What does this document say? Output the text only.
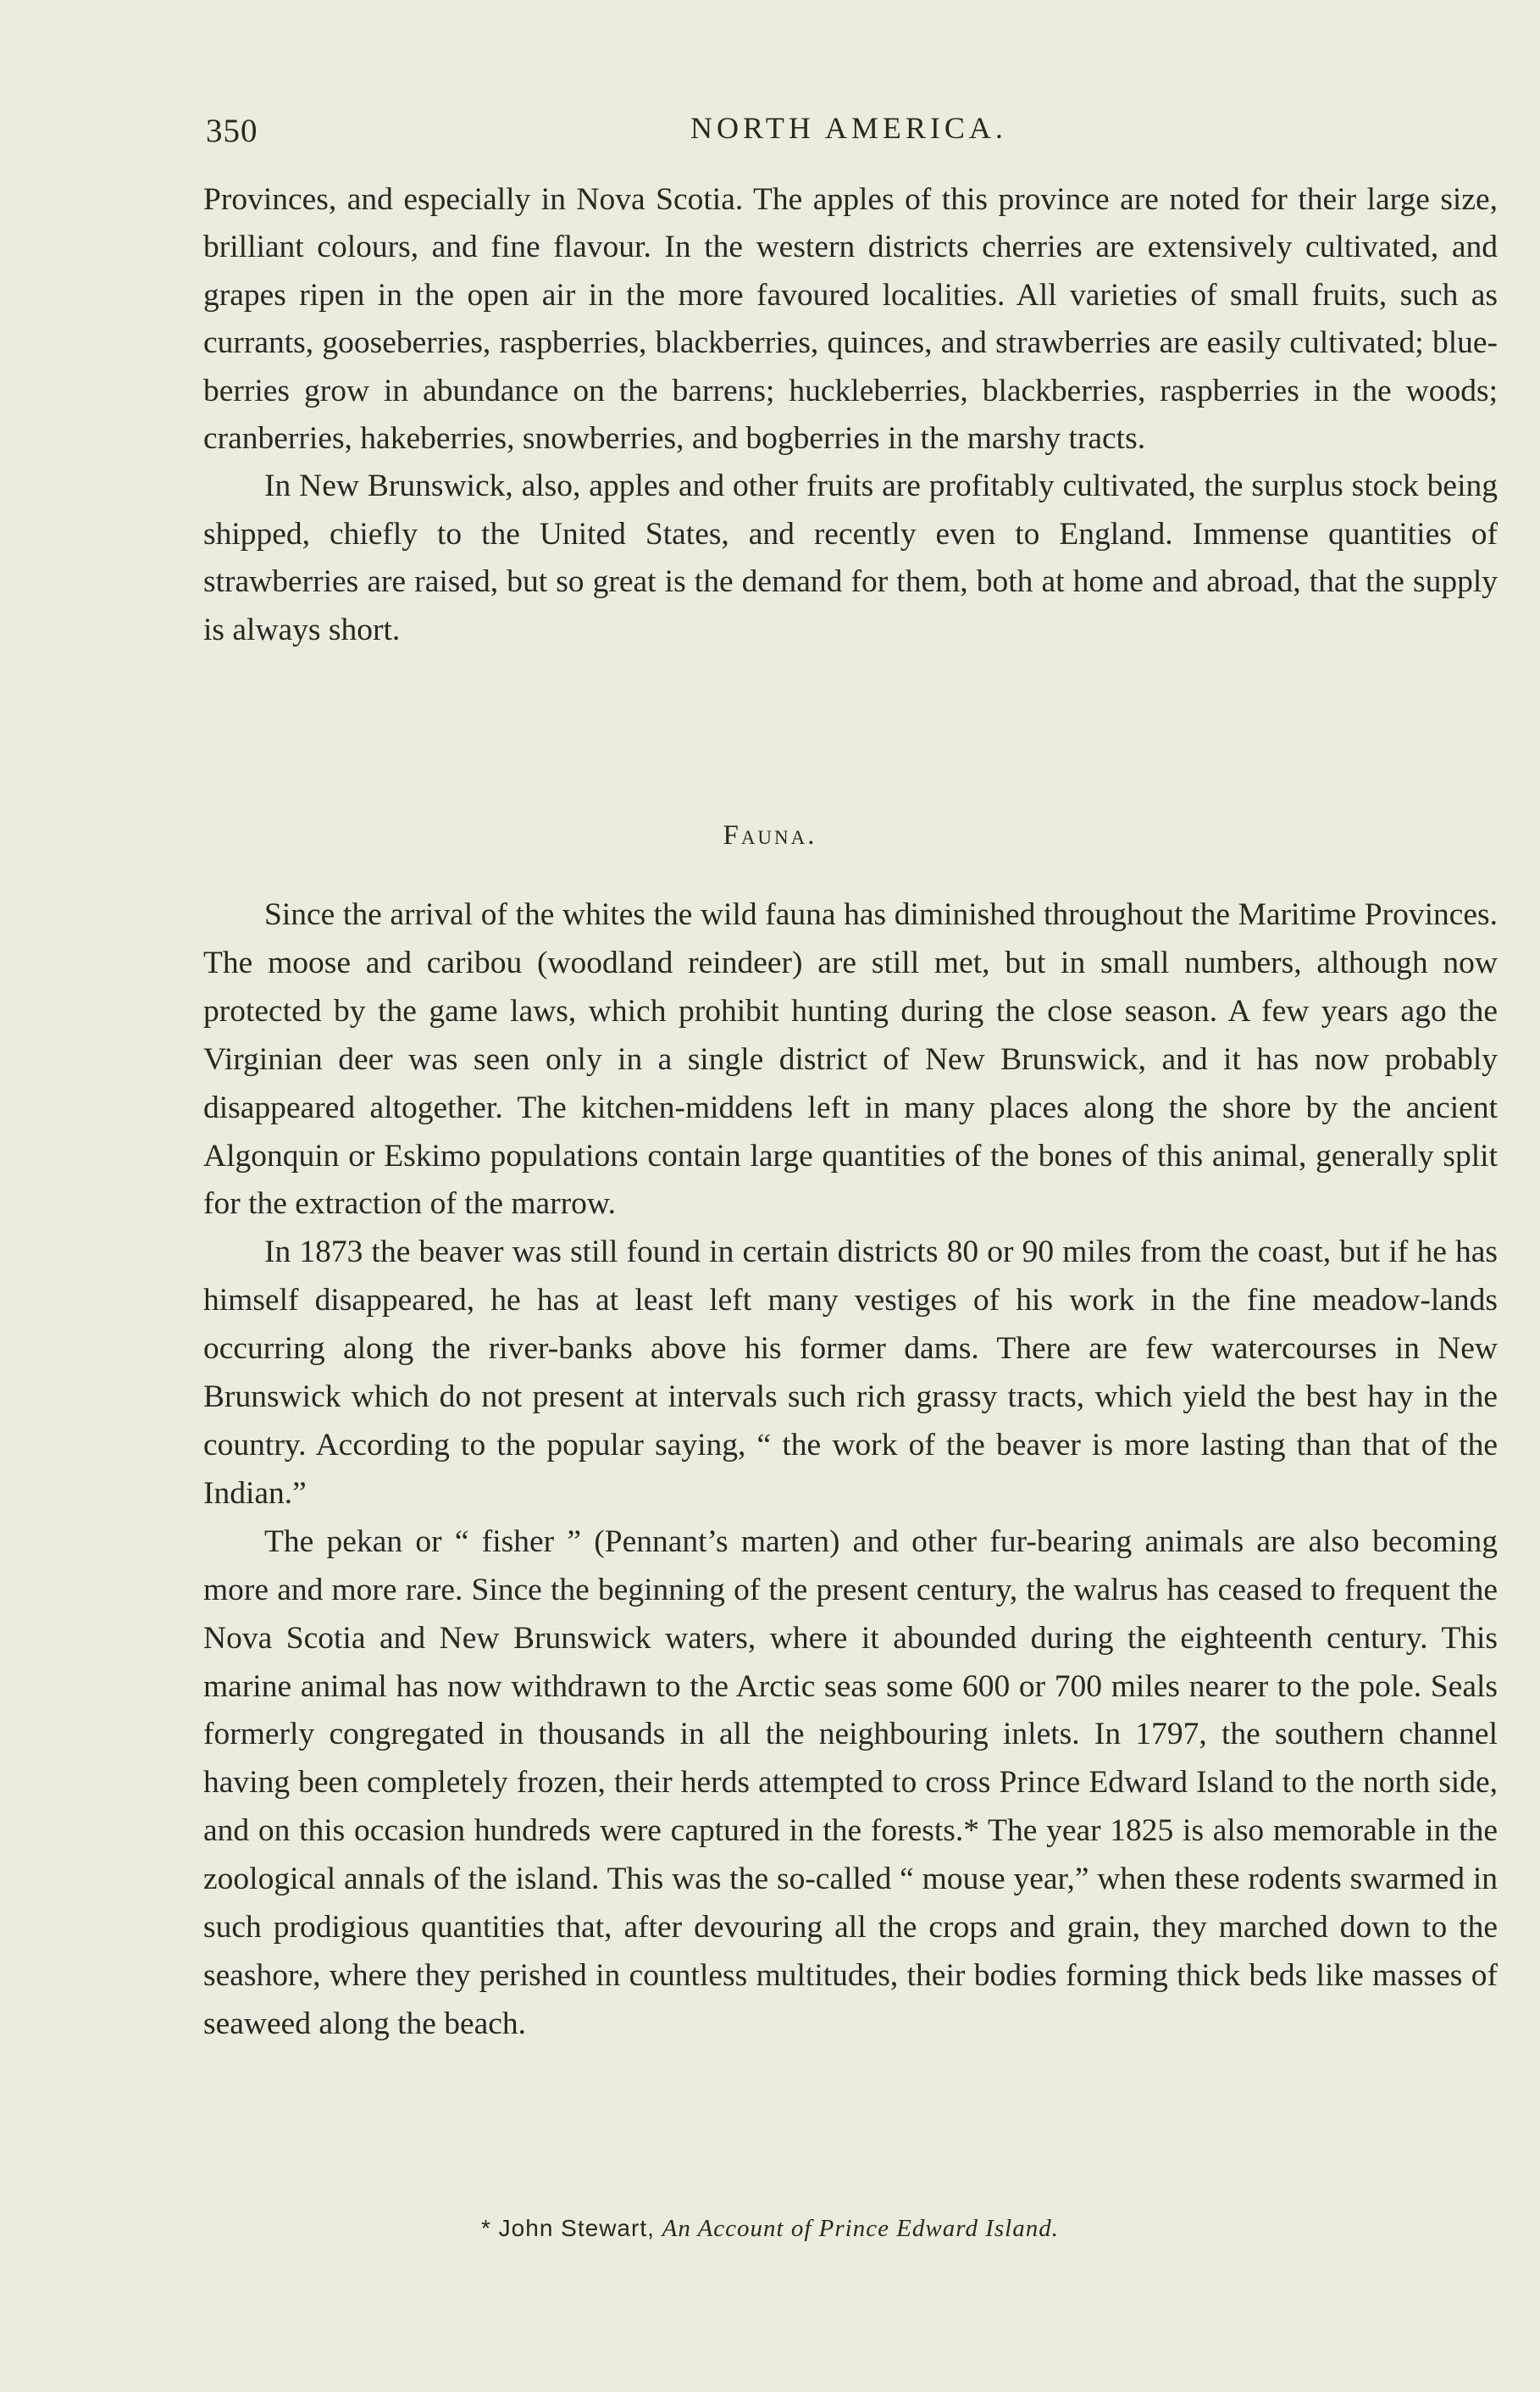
350	NORTH AMERICA.

Provinces, and especially in Nova Scotia. The apples of this province are noted for their large size, brilliant colours, and fine flavour. In the western districts cherries are extensively cultivated, and grapes ripen in the open air in the more favoured localities. All varieties of small fruits, such as currants, gooseberries, raspberries, blackberries, quinces, and strawberries are easily cultivated; blue-berries grow in abundance on the barrens; huckleberries, blackberries, raspberries in the woods; cranberries, hakeberries, snowberries, and bogberries in the marshy tracts.

In New Brunswick, also, apples and other fruits are profitably cultivated, the surplus stock being shipped, chiefly to the United States, and recently even to England. Immense quantities of strawberries are raised, but so great is the demand for them, both at home and abroad, that the supply is always short.

Fauna.

Since the arrival of the whites the wild fauna has diminished throughout the Maritime Provinces. The moose and caribou (woodland reindeer) are still met, but in small numbers, although now protected by the game laws, which prohibit hunting during the close season. A few years ago the Virginian deer was seen only in a single district of New Brunswick, and it has now probably disappeared altogether. The kitchen-middens left in many places along the shore by the ancient Algonquin or Eskimo populations contain large quantities of the bones of this animal, generally split for the extraction of the marrow.

In 1873 the beaver was still found in certain districts 80 or 90 miles from the coast, but if he has himself disappeared, he has at least left many vestiges of his work in the fine meadow-lands occurring along the river-banks above his former dams. There are few watercourses in New Brunswick which do not present at intervals such rich grassy tracts, which yield the best hay in the country. According to the popular saying, “ the work of the beaver is more lasting than that of the Indian.”

The pekan or “ fisher ” (Pennant’s marten) and other fur-bearing animals are also becoming more and more rare. Since the beginning of the present century, the walrus has ceased to frequent the Nova Scotia and New Brunswick waters, where it abounded during the eighteenth century. This marine animal has now withdrawn to the Arctic seas some 600 or 700 miles nearer to the pole. Seals formerly congregated in thousands in all the neighbouring inlets. In 1797, the southern channel having been completely frozen, their herds attempted to cross Prince Edward Island to the north side, and on this occasion hundreds were captured in the forests.* The year 1825 is also memorable in the zoological annals of the island. This was the so-called “ mouse year,” when these rodents swarmed in such prodigious quantities that, after devouring all the crops and grain, they marched down to the seashore, where they perished in countless multitudes, their bodies forming thick beds like masses of seaweed along the beach.

* John Stewart, An Account of Prince Edward Island.
